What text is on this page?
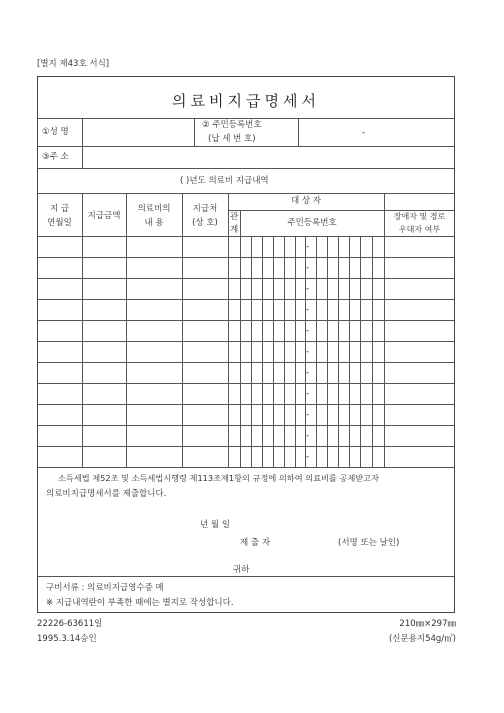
[별지 제43호 서식]
의료비지급명세서
①성 명
② 주민등록번호
(납 세 번 호)
-
③주 소
( )년도 의료비 지급내역
지 급
연월일
지급금액
의료비의
내 용
지급처
(상 호)
대 상 자
관
계
주민등록번호
장애자 및 경로
우대자 여부
-
-
-
-
-
-
-
-
-
-
-
소득세법 제52조 및 소득세법시행령 제113조제1항의 규정에 의하여 의료비를 공제받고자
의료비지급명세서를 제출합니다.
년 월 일
제 출 자	(서명 또는 날인)
귀하
구비서류 : 의료비지급영수증 매
※ 지급내역란이 부족한 때에는 별지로 작성합니다.
22226-63611일
1995.3.14승인
210㎜×297㎜
(신문용지54g/㎡)
